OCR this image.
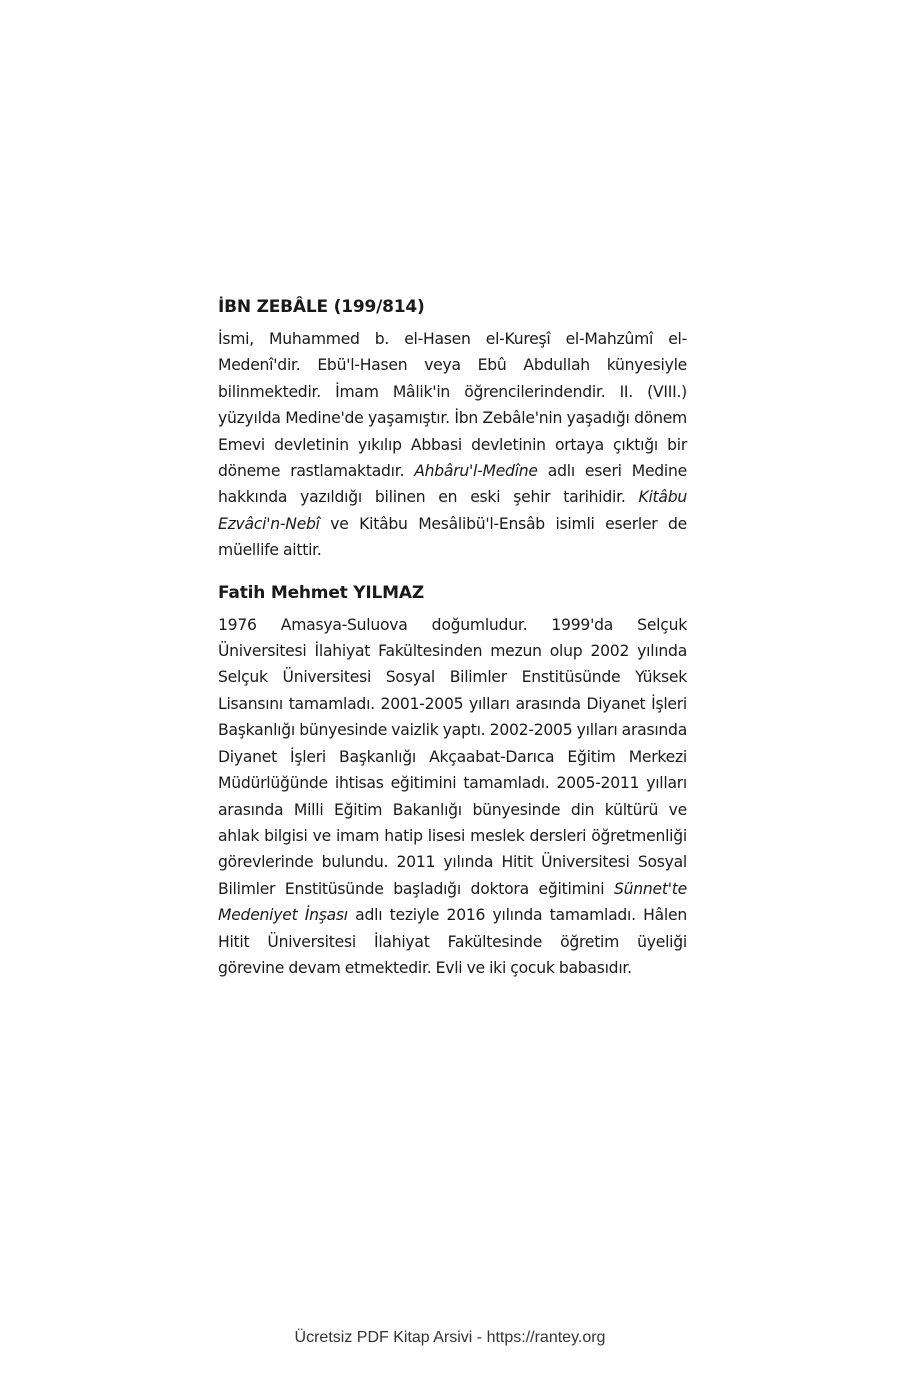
İBN ZEBÂLE (199/814)

İsmi, Muhammed b. el-Hasen el-Kureşî el-Mahzûmî el-Medenî'dir. Ebü'l-Hasen veya Ebû Abdullah künyesiyle bilinmektedir. İmam Mâlik'in öğrencilerindendir. II. (VIII.) yüzyılda Medine'de yaşamıştır. İbn Zebâle'nin yaşadığı dönem Emevi devletinin yıkılıp Abbasi devletinin ortaya çıktığı bir döneme rastlamaktadır. Ahbâru'l-Medîne adlı eseri Medine hakkında yazıldığı bilinen en eski şehir tarihidir. Kitâbu Ezvâci'n-Nebî ve Kitâbu Mesâlibü'l-Ensâb isimli eserler de müellife aittir.

Fatih Mehmet YILMAZ

1976 Amasya-Suluova doğumludur. 1999'da Selçuk Üniversitesi İlahiyat Fakültesinden mezun olup 2002 yılında Selçuk Üniversitesi Sosyal Bilimler Enstitüsünde Yüksek Lisansını tamamladı. 2001-2005 yılları arasında Diyanet İşleri Başkanlığı bünyesinde vaizlik yaptı. 2002-2005 yılları arasında Diyanet İşleri Başkanlığı Akçaabat-Darıca Eğitim Merkezi Müdürlüğünde ihtisas eğitimini tamamladı. 2005-2011 yılları arasında Milli Eğitim Bakanlığı bünyesinde din kültürü ve ahlak bilgisi ve imam hatip lisesi meslek dersleri öğretmenliği görevlerinde bulundu. 2011 yılında Hitit Üniversitesi Sosyal Bilimler Enstitüsünde başladığı doktora eğitimini Sünnet'te Medeniyet İnşası adlı teziyle 2016 yılında tamamladı. Hâlen Hitit Üniversitesi İlahiyat Fakültesinde öğretim üyeliği görevine devam etmektedir. Evli ve iki çocuk babasıdır.

Ücretsiz PDF Kitap Arsivi - https://rantey.org
